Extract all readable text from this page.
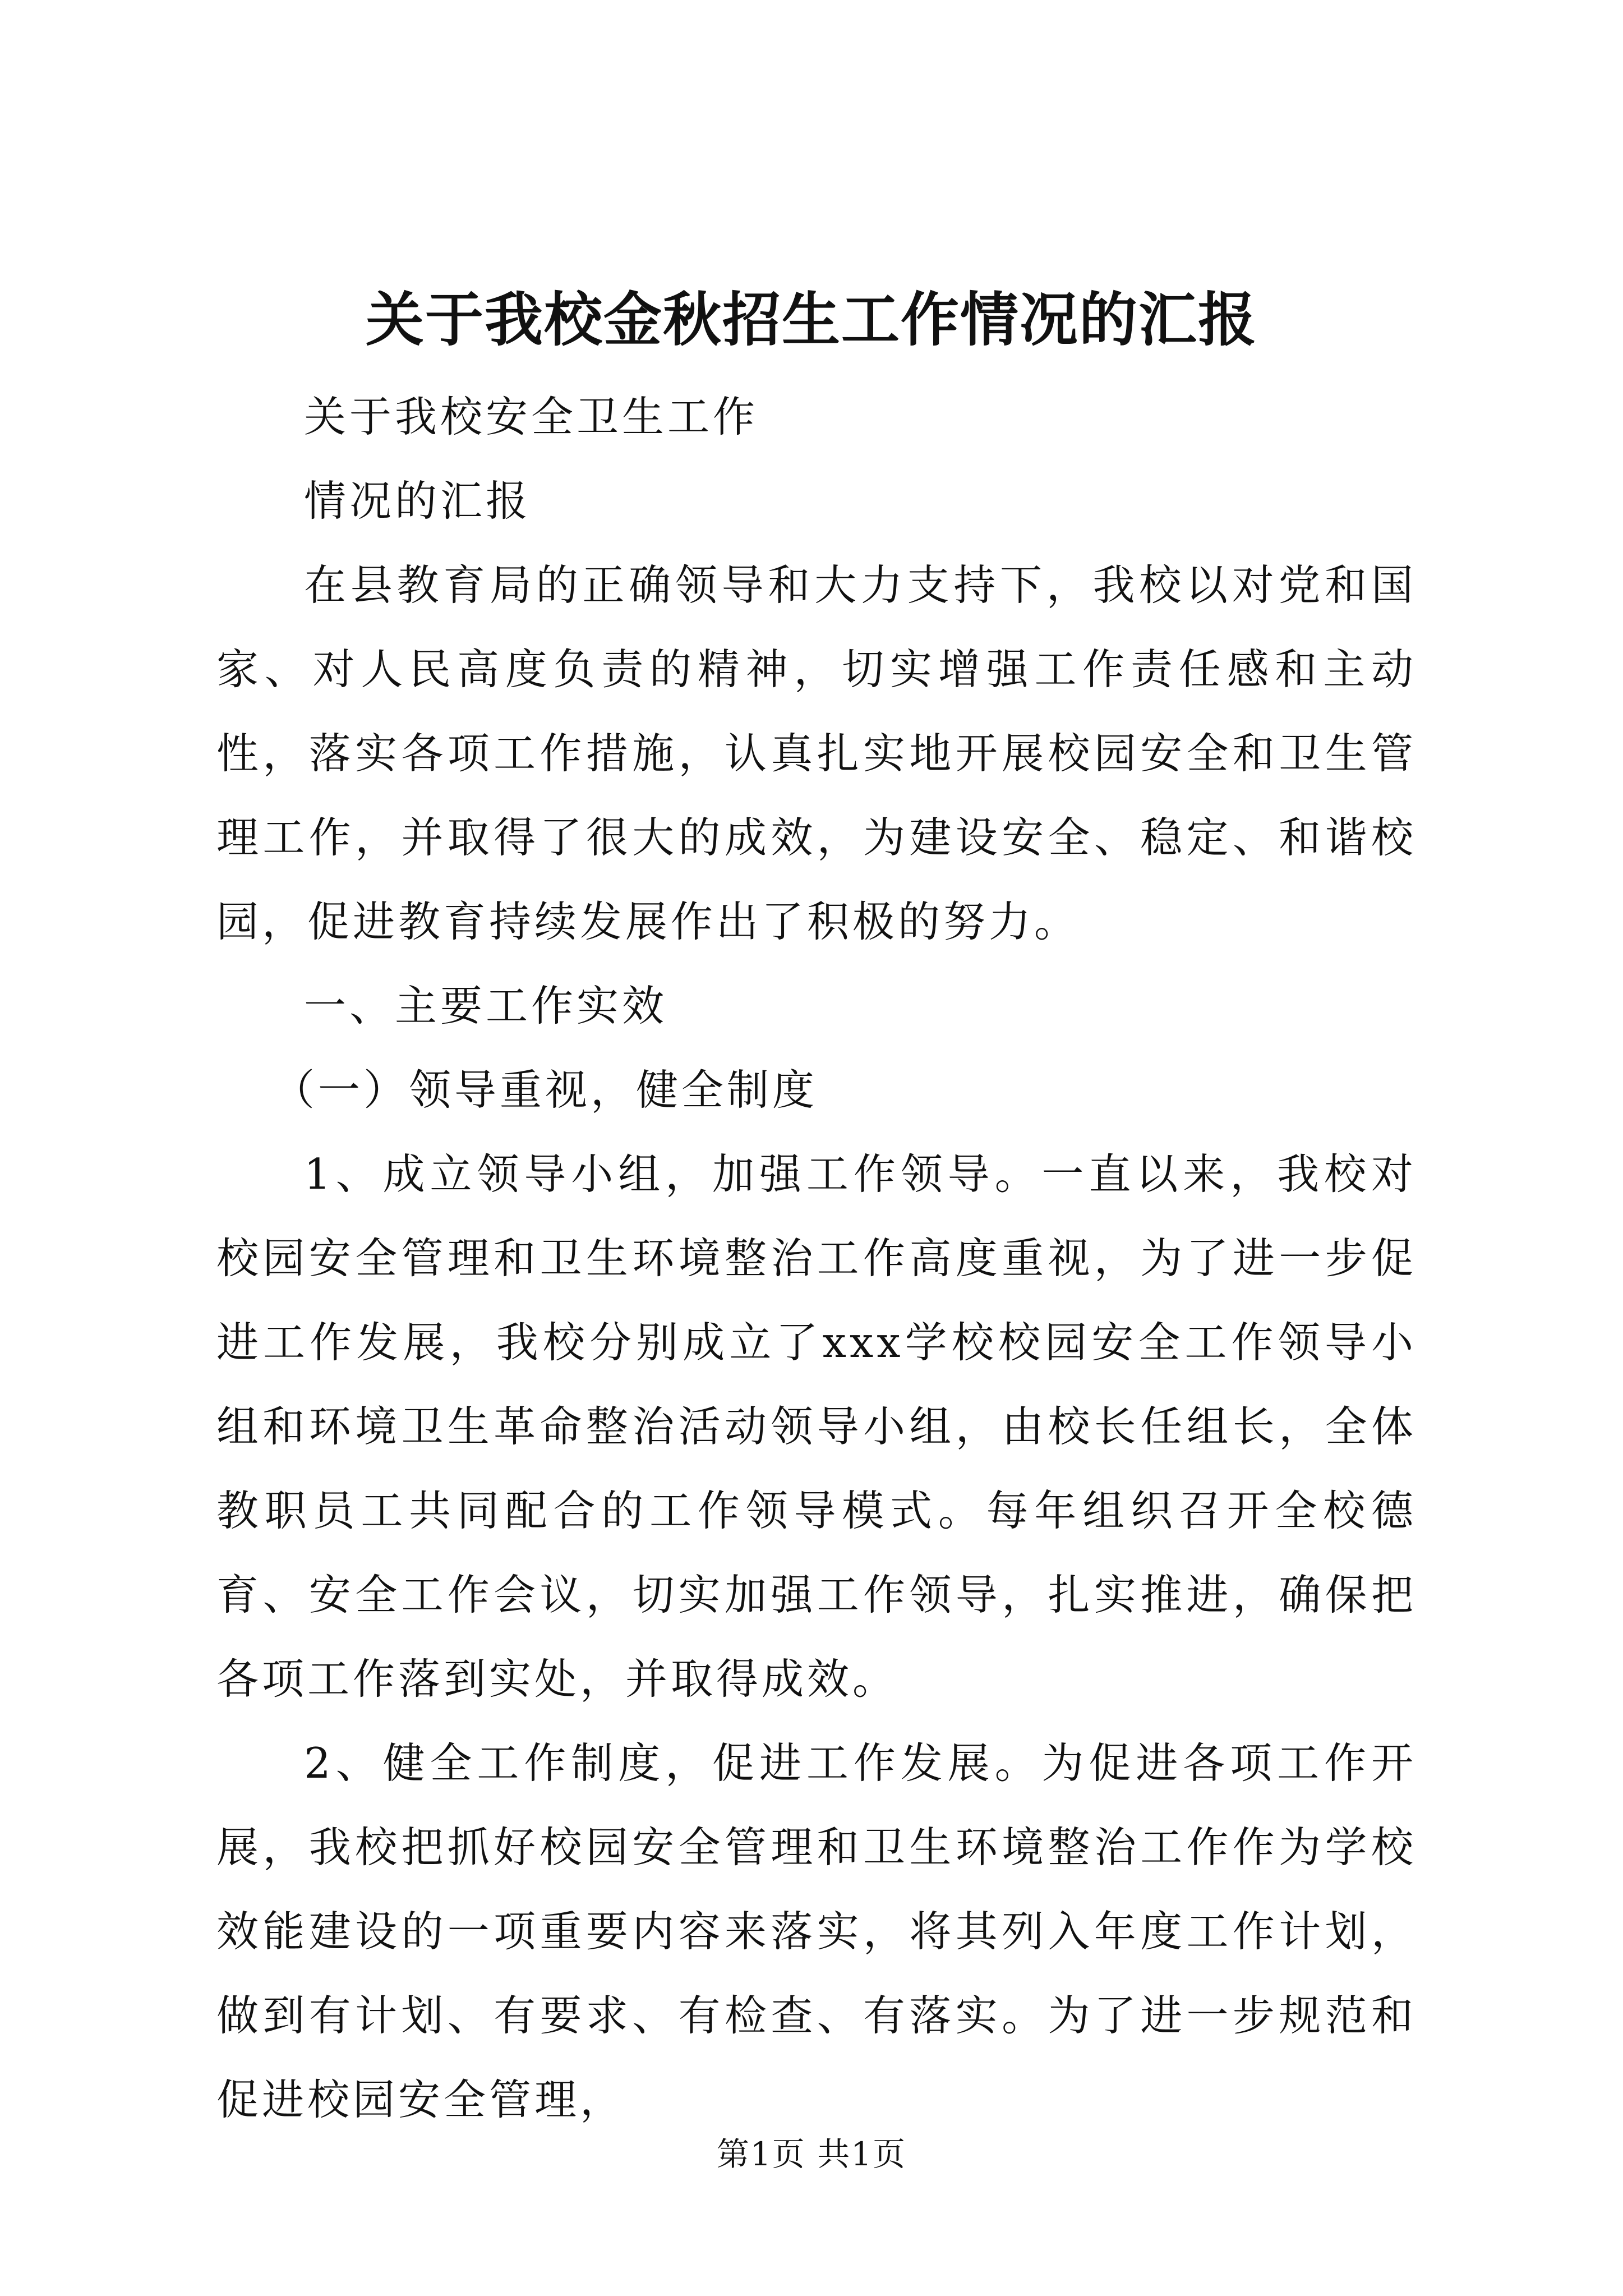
关于我校金秋招生工作情况的汇报

关于我校安全卫生工作

情况的汇报

在县教育局的正确领导和大力支持下，我校以对党和国家、对人民高度负责的精神，切实增强工作责任感和主动性，落实各项工作措施，认真扎实地开展校园安全和卫生管理工作，并取得了很大的成效，为建设安全、稳定、和谐校园，促进教育持续发展作出了积极的努力。

一、主要工作实效

（一）领导重视，健全制度

1、成立领导小组，加强工作领导。一直以来，我校对校园安全管理和卫生环境整治工作高度重视，为了进一步促进工作发展，我校分别成立了xxx学校校园安全工作领导小组和环境卫生革命整治活动领导小组，由校长任组长，全体教职员工共同配合的工作领导模式。每年组织召开全校德育、安全工作会议，切实加强工作领导，扎实推进，确保把各项工作落到实处，并取得成效。

2、健全工作制度，促进工作发展。为促进各项工作开展，我校把抓好校园安全管理和卫生环境整治工作作为学校效能建设的一项重要内容来落实，将其列入年度工作计划，做到有计划、有要求、有检查、有落实。为了进一步规范和促进校园安全管理，

第1页 共1页
